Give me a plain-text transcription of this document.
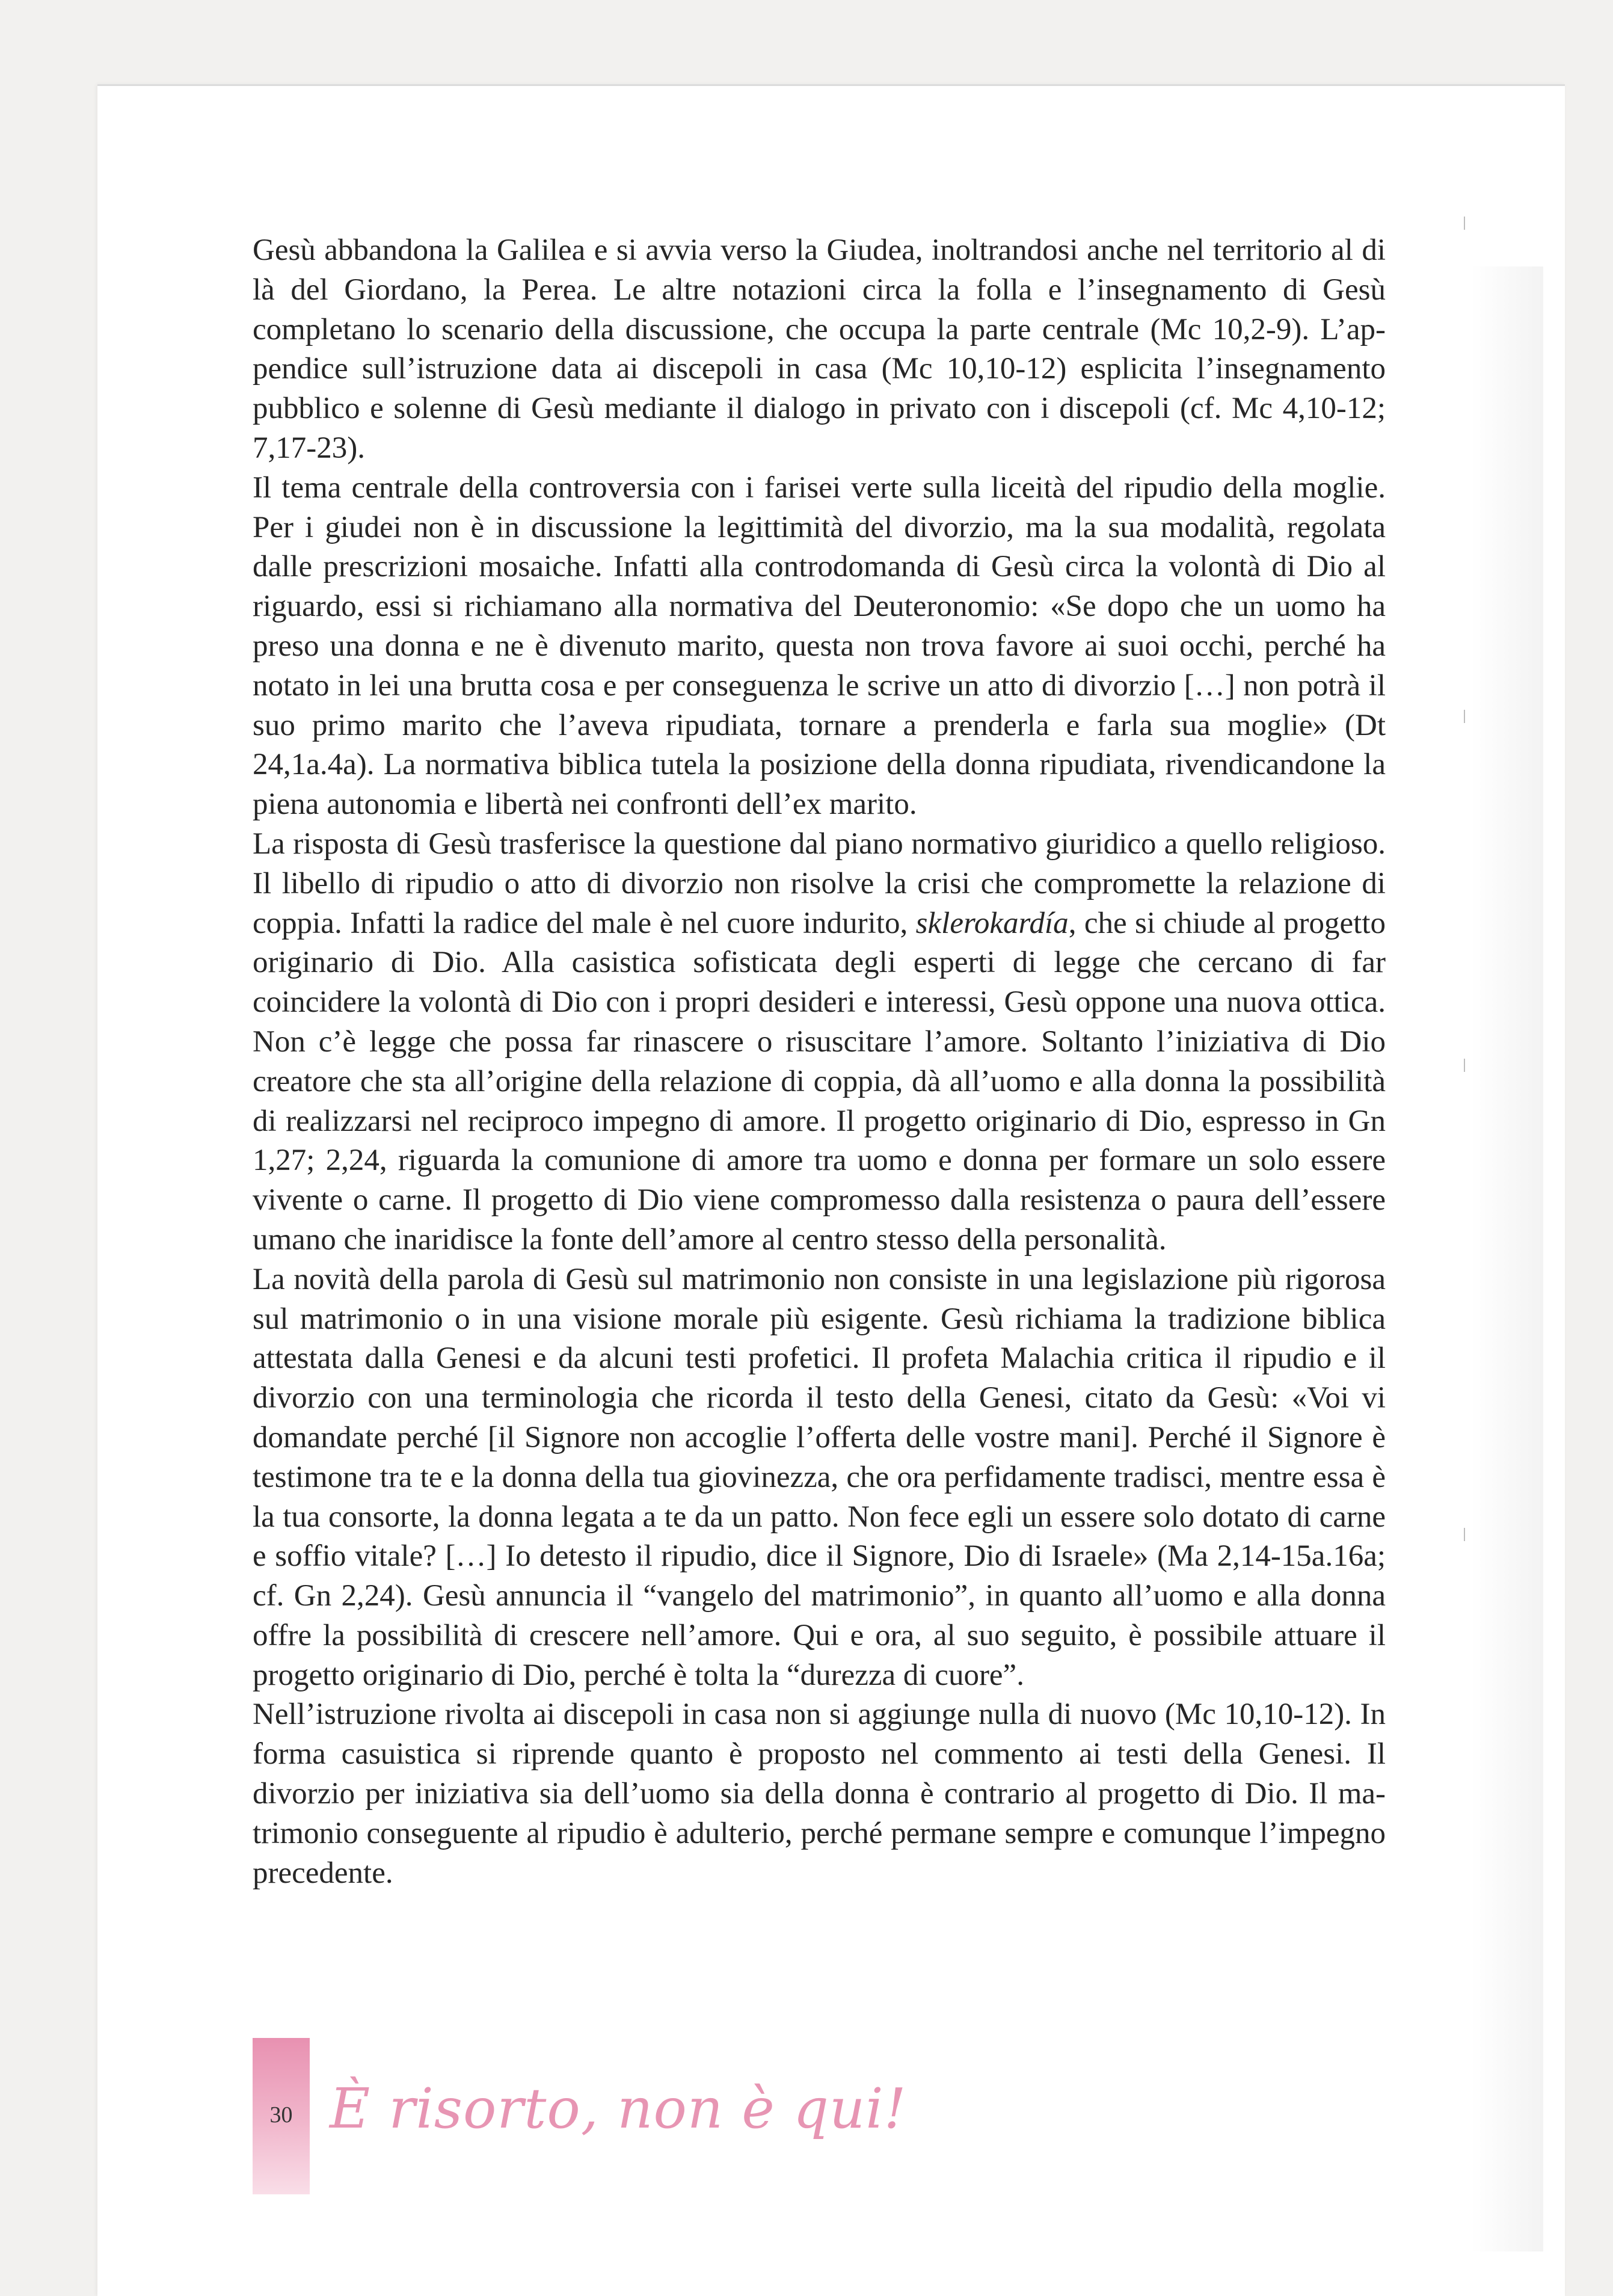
Gesù abbandona la Galilea e si avvia verso la Giudea, inoltrandosi anche nel territorio al di là del Giordano, la Perea. Le altre notazioni circa la folla e l’insegnamento di Gesù completano lo scenario della discussione, che occupa la parte centrale (Mc 10,2-9). L’appendice sull’istruzione data ai discepoli in casa (Mc 10,10-12) esplicita l’insegnamento pubblico e solenne di Gesù mediante il dialogo in privato con i discepoli (cf. Mc 4,10-12; 7,17-23).

Il tema centrale della controversia con i farisei verte sulla liceità del ripudio della moglie. Per i giudei non è in discussione la legittimità del divorzio, ma la sua modalità, regolata dalle prescrizioni mosaiche. Infatti alla controdomanda di Gesù circa la volontà di Dio al riguardo, essi si richiamano alla normativa del Deuteronomio: «Se dopo che un uomo ha preso una donna e ne è divenuto marito, questa non trova favore ai suoi occhi, perché ha notato in lei una brutta cosa e per conseguenza le scrive un atto di divorzio […] non potrà il suo primo marito che l’aveva ripudiata, tornare a prenderla e farla sua moglie» (Dt 24,1a.4a). La normativa biblica tutela la posizione della donna ripudiata, rivendicandone la piena autonomia e libertà nei confronti dell’ex marito.

La risposta di Gesù trasferisce la questione dal piano normativo giuridico a quello religioso. Il libello di ripudio o atto di divorzio non risolve la crisi che compromette la relazione di coppia. Infatti la radice del male è nel cuore indurito, sklerokardía, che si chiude al progetto originario di Dio. Alla casistica sofisticata degli esperti di legge che cercano di far coincidere la volontà di Dio con i propri desideri e interessi, Gesù oppone una nuova ottica. Non c’è legge che possa far rinascere o risuscitare l’amore. Soltanto l’iniziativa di Dio creatore che sta all’origine della relazione di coppia, dà all’uomo e alla donna la possibilità di realizzarsi nel reciproco impegno di amore. Il progetto originario di Dio, espresso in Gn 1,27; 2,24, riguarda la comunione di amore tra uomo e donna per formare un solo essere vivente o carne. Il progetto di Dio viene compromesso dalla resistenza o paura dell’essere umano che inaridisce la fonte dell’amore al centro stesso della personalità.

La novità della parola di Gesù sul matrimonio non consiste in una legislazione più rigorosa sul matrimonio o in una visione morale più esigente. Gesù richiama la tradizione biblica attestata dalla Genesi e da alcuni testi profetici. Il profeta Malachia critica il ripudio e il divorzio con una terminologia che ricorda il testo della Genesi, citato da Gesù: «Voi vi domandate perché [il Signore non accoglie l’offerta delle vostre mani]. Perché il Signore è testimone tra te e la donna della tua giovinezza, che ora perfidamente tradisci, mentre essa è la tua consorte, la donna legata a te da un patto. Non fece egli un essere solo dotato di carne e soffio vitale? […] Io detesto il ripudio, dice il Signore, Dio di Israele» (Ma 2,14-15a.16a; cf. Gn 2,24). Gesù annuncia il “vangelo del matrimonio”, in quanto all’uomo e alla donna offre la possibilità di crescere nell’amore. Qui e ora, al suo seguito, è possibile attuare il progetto originario di Dio, perché è tolta la “durezza di cuore”.

Nell’istruzione rivolta ai discepoli in casa non si aggiunge nulla di nuovo (Mc 10,10-12). In forma casuistica si riprende quanto è proposto nel commento ai testi della Genesi. Il divorzio per iniziativa sia dell’uomo sia della donna è contrario al progetto di Dio. Il matrimonio conseguente al ripudio è adulterio, perché permane sempre e comunque l’impegno precedente.

30 È risorto, non è qui!
